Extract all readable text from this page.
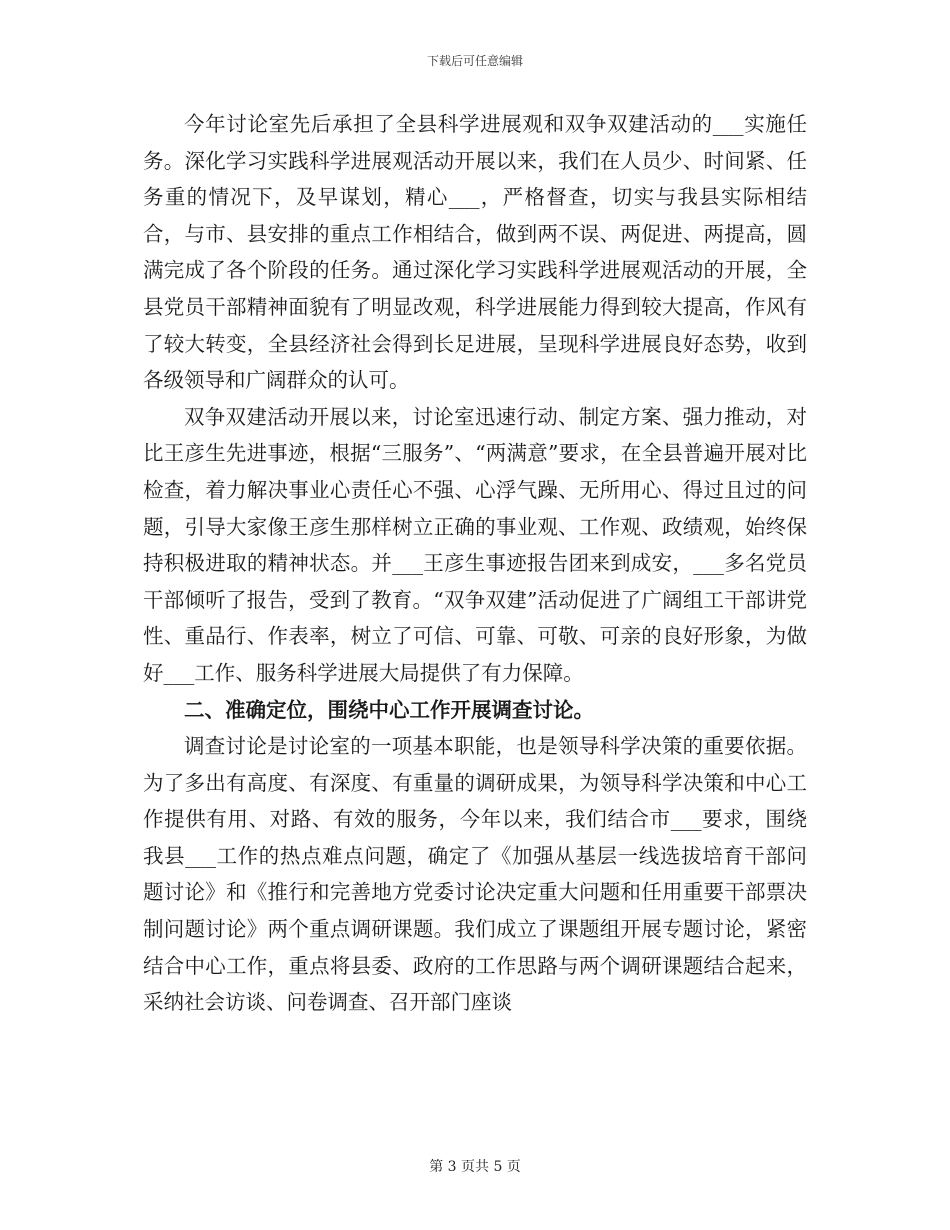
下载后可任意编辑

今年讨论室先后承担了全县科学进展观和双争双建活动的___实施任务。深化学习实践科学进展观活动开展以来，我们在人员少、时间紧、任务重的情况下，及早谋划，精心___，严格督查，切实与我县实际相结合，与市、县安排的重点工作相结合，做到两不误、两促进、两提高，圆满完成了各个阶段的任务。通过深化学习实践科学进展观活动的开展，全县党员干部精神面貌有了明显改观，科学进展能力得到较大提高，作风有了较大转变，全县经济社会得到长足进展，呈现科学进展良好态势，收到各级领导和广阔群众的认可。

双争双建活动开展以来，讨论室迅速行动、制定方案、强力推动，对比王彦生先进事迹，根据“三服务”、“两满意”要求，在全县普遍开展对比检查，着力解决事业心责任心不强、心浮气躁、无所用心、得过且过的问题，引导大家像王彦生那样树立正确的事业观、工作观、政绩观，始终保持积极进取的精神状态。并___王彦生事迹报告团来到成安，___多名党员干部倾听了报告，受到了教育。“双争双建”活动促进了广阔组工干部讲党性、重品行、作表率，树立了可信、可靠、可敬、可亲的良好形象，为做好___工作、服务科学进展大局提供了有力保障。

二、准确定位，围绕中心工作开展调查讨论。

调查讨论是讨论室的一项基本职能，也是领导科学决策的重要依据。为了多出有高度、有深度、有重量的调研成果，为领导科学决策和中心工作提供有用、对路、有效的服务，今年以来，我们结合市___要求，围绕我县___工作的热点难点问题，确定了《加强从基层一线选拔培育干部问题讨论》和《推行和完善地方党委讨论决定重大问题和任用重要干部票决制问题讨论》两个重点调研课题。我们成立了课题组开展专题讨论，紧密结合中心工作，重点将县委、政府的工作思路与两个调研课题结合起来，采纳社会访谈、问卷调查、召开部门座谈

第 3 页共 5 页
